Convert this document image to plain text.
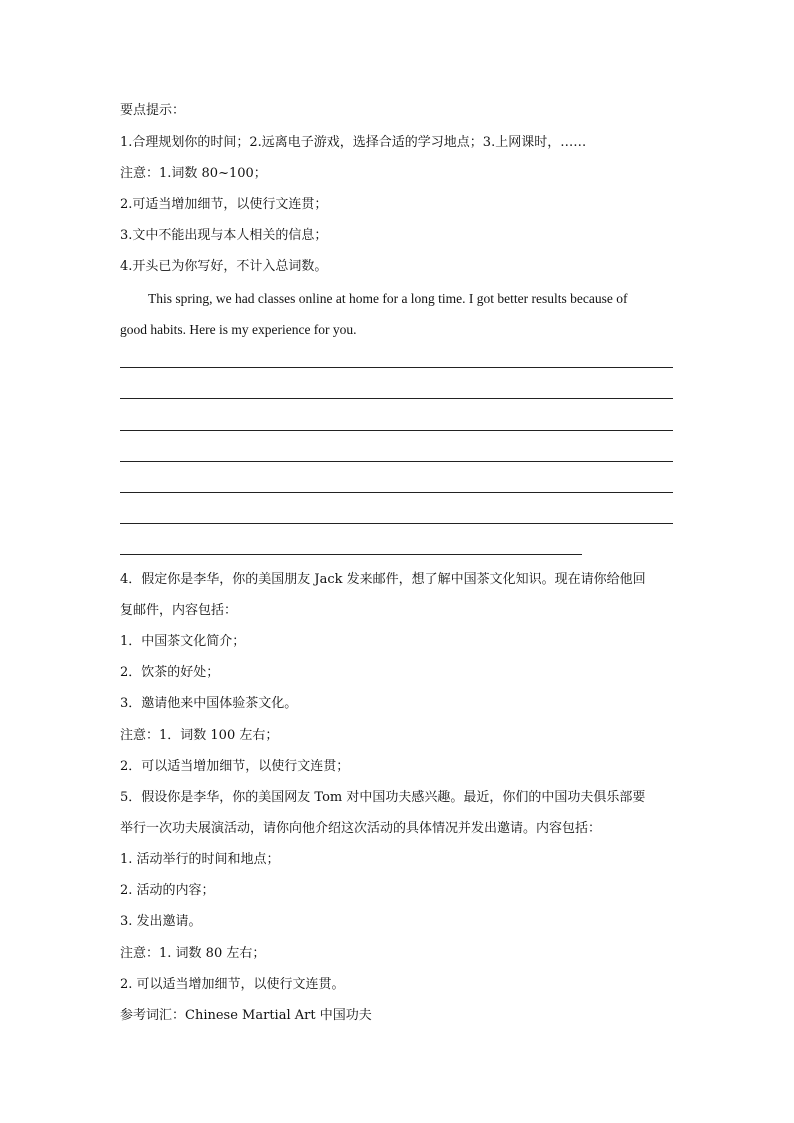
要点提示：
1.合理规划你的时间；2.远离电子游戏，选择合适的学习地点；3.上网课时，……
注意：1.词数 80~100；
2.可适当增加细节，以使行文连贯；
3.文中不能出现与本人相关的信息；
4.开头已为你写好，不计入总词数。
This spring, we had classes online at home for a long time. I got better results because of
good habits. Here is my experience for you.
4．假定你是李华，你的美国朋友 Jack 发来邮件，想了解中国茶文化知识。现在请你给他回
复邮件，内容包括：
1．中国茶文化简介；
2．饮茶的好处；
3．邀请他来中国体验茶文化。
注意：1．词数 100 左右；
2．可以适当增加细节，以使行文连贯；
5．假设你是李华，你的美国网友 Tom 对中国功夫感兴趣。最近，你们的中国功夫俱乐部要
举行一次功夫展演活动，请你向他介绍这次活动的具体情况并发出邀请。内容包括：
1. 活动举行的时间和地点；
2. 活动的内容；
3. 发出邀请。
注意：1. 词数 80 左右；
2. 可以适当增加细节，以使行文连贯。
参考词汇：Chinese Martial Art 中国功夫
